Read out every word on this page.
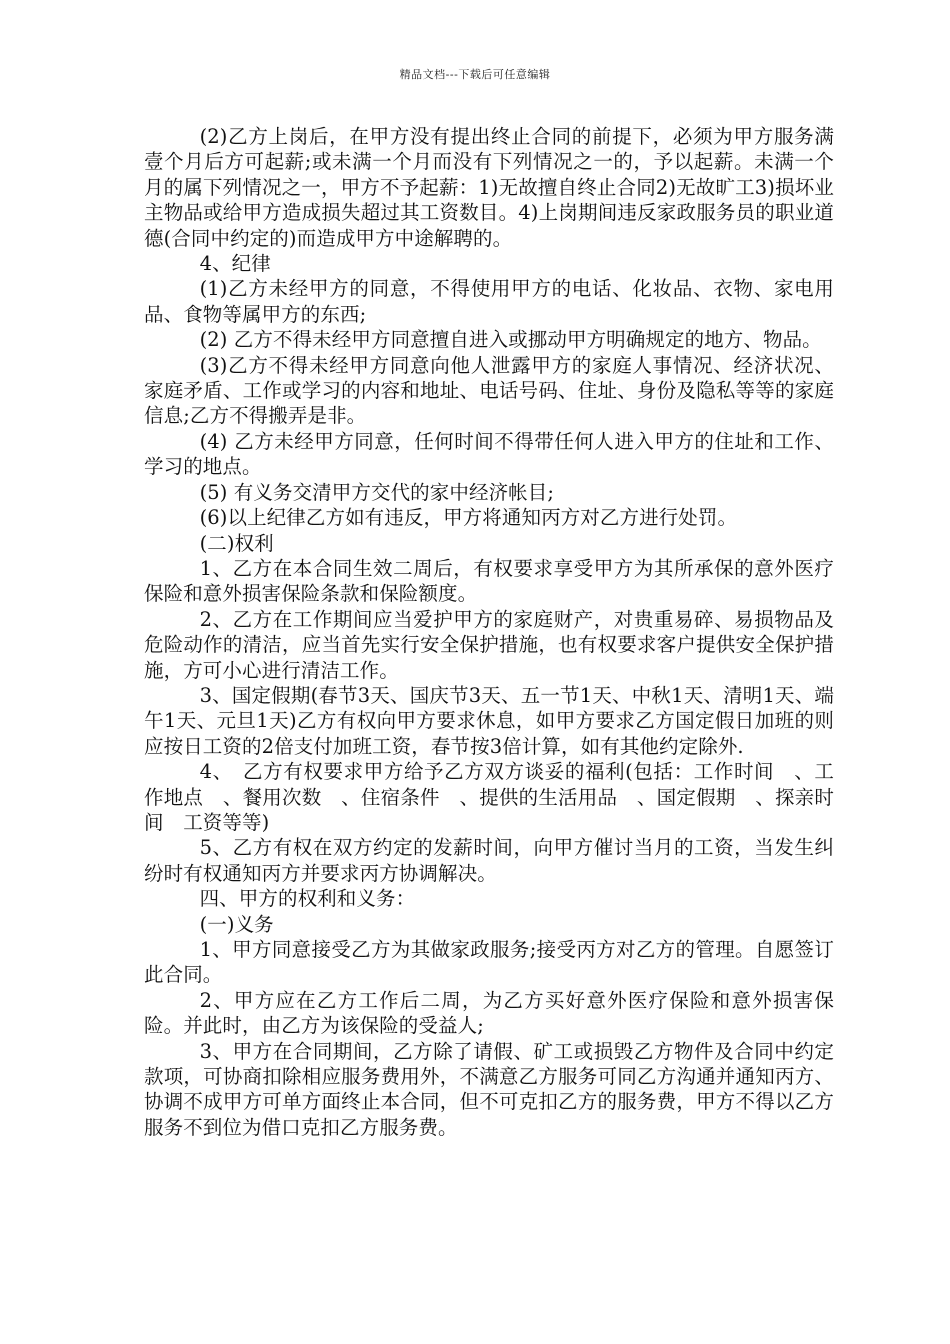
精品文档---下载后可任意编辑

(2)乙方上岗后，在甲方没有提出终止合同的前提下，必须为甲方服务满壹个月后方可起薪;或未满一个月而没有下列情况之一的，予以起薪。未满一个月的属下列情况之一，甲方不予起薪：1)无故擅自终止合同2)无故旷工3)损坏业主物品或给甲方造成损失超过其工资数目。4)上岗期间违反家政服务员的职业道德(合同中约定的)而造成甲方中途解聘的。

4、纪律

(1)乙方未经甲方的同意，不得使用甲方的电话、化妆品、衣物、家电用品、食物等属甲方的东西;

(2) 乙方不得未经甲方同意擅自进入或挪动甲方明确规定的地方、物品。

(3)乙方不得未经甲方同意向他人泄露甲方的家庭人事情况、经济状况、家庭矛盾、工作或学习的内容和地址、电话号码、住址、身份及隐私等等的家庭信息;乙方不得搬弄是非。

(4) 乙方未经甲方同意，任何时间不得带任何人进入甲方的住址和工作、学习的地点。

(5) 有义务交清甲方交代的家中经济帐目;

(6)以上纪律乙方如有违反，甲方将通知丙方对乙方进行处罚。

(二)权利

1、乙方在本合同生效二周后，有权要求享受甲方为其所承保的意外医疗保险和意外损害保险条款和保险额度。

2、乙方在工作期间应当爱护甲方的家庭财产，对贵重易碎、易损物品及危险动作的清洁，应当首先实行安全保护措施，也有权要求客户提供安全保护措施，方可小心进行清洁工作。

3、国定假期(春节3天、国庆节3天、五一节1天、中秋1天、清明1天、端午1天、元旦1天)乙方有权向甲方要求休息，如甲方要求乙方国定假日加班的则应按日工资的2倍支付加班工资，春节按3倍计算，如有其他约定除外.

4、　乙方有权要求甲方给予乙方双方谈妥的福利(包括：工作时间　、工作地点　、餐用次数　、住宿条件　、提供的生活用品　、国定假期　、探亲时间　工资等等)

5、乙方有权在双方约定的发薪时间，向甲方催讨当月的工资，当发生纠纷时有权通知丙方并要求丙方协调解决。

四、甲方的权利和义务：

(一)义务

1、甲方同意接受乙方为其做家政服务;接受丙方对乙方的管理。自愿签订此合同。

2、甲方应在乙方工作后二周，为乙方买好意外医疗保险和意外损害保险。并此时，由乙方为该保险的受益人;

3、甲方在合同期间，乙方除了请假、矿工或损毁乙方物件及合同中约定款项，可协商扣除相应服务费用外，不满意乙方服务可同乙方沟通并通知丙方、协调不成甲方可单方面终止本合同，但不可克扣乙方的服务费，甲方不得以乙方服务不到位为借口克扣乙方服务费。
